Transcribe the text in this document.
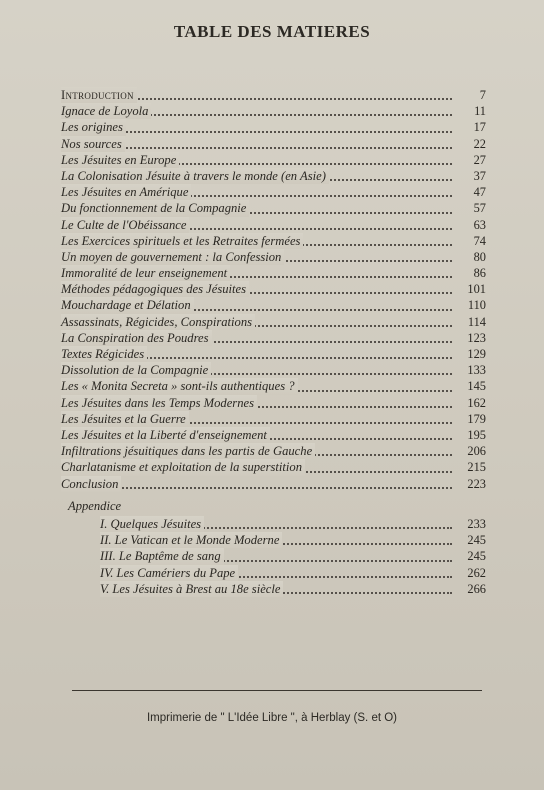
TABLE DES MATIERES
Introduction	7
Ignace de Loyola	11
Les origines	17
Nos sources	22
Les Jésuites en Europe	27
La Colonisation Jésuite à travers le monde (en Asie)	37
Les Jésuites en Amérique	47
Du fonctionnement de la Compagnie	57
Le Culte de l'Obéissance	63
Les Exercices spirituels et les Retraites fermées	74
Un moyen de gouvernement : la Confession	80
Immoralité de leur enseignement	86
Méthodes pédagogiques des Jésuites	101
Mouchardage et Délation	110
Assassinats, Régicides, Conspirations	114
La Conspiration des Poudres	123
Textes Régicides	129
Dissolution de la Compagnie	133
Les « Monita Secreta » sont-ils authentiques ?	145
Les Jésuites dans les Temps Modernes	162
Les Jésuites et la Guerre	179
Les Jésuites et la Liberté d'enseignement	195
Infiltrations jésuitiques dans les partis de Gauche	206
Charlatanisme et exploitation de la superstition	215
Conclusion	223
Appendice
I. Quelques Jésuites	233
II. Le Vatican et le Monde Moderne	245
III. Le Baptême de sang	245
IV. Les Camériers du Pape	262
V. Les Jésuites à Brest au 18e siècle	266
Imprimerie de " L'Idée Libre ", à Herblay (S. et O)
